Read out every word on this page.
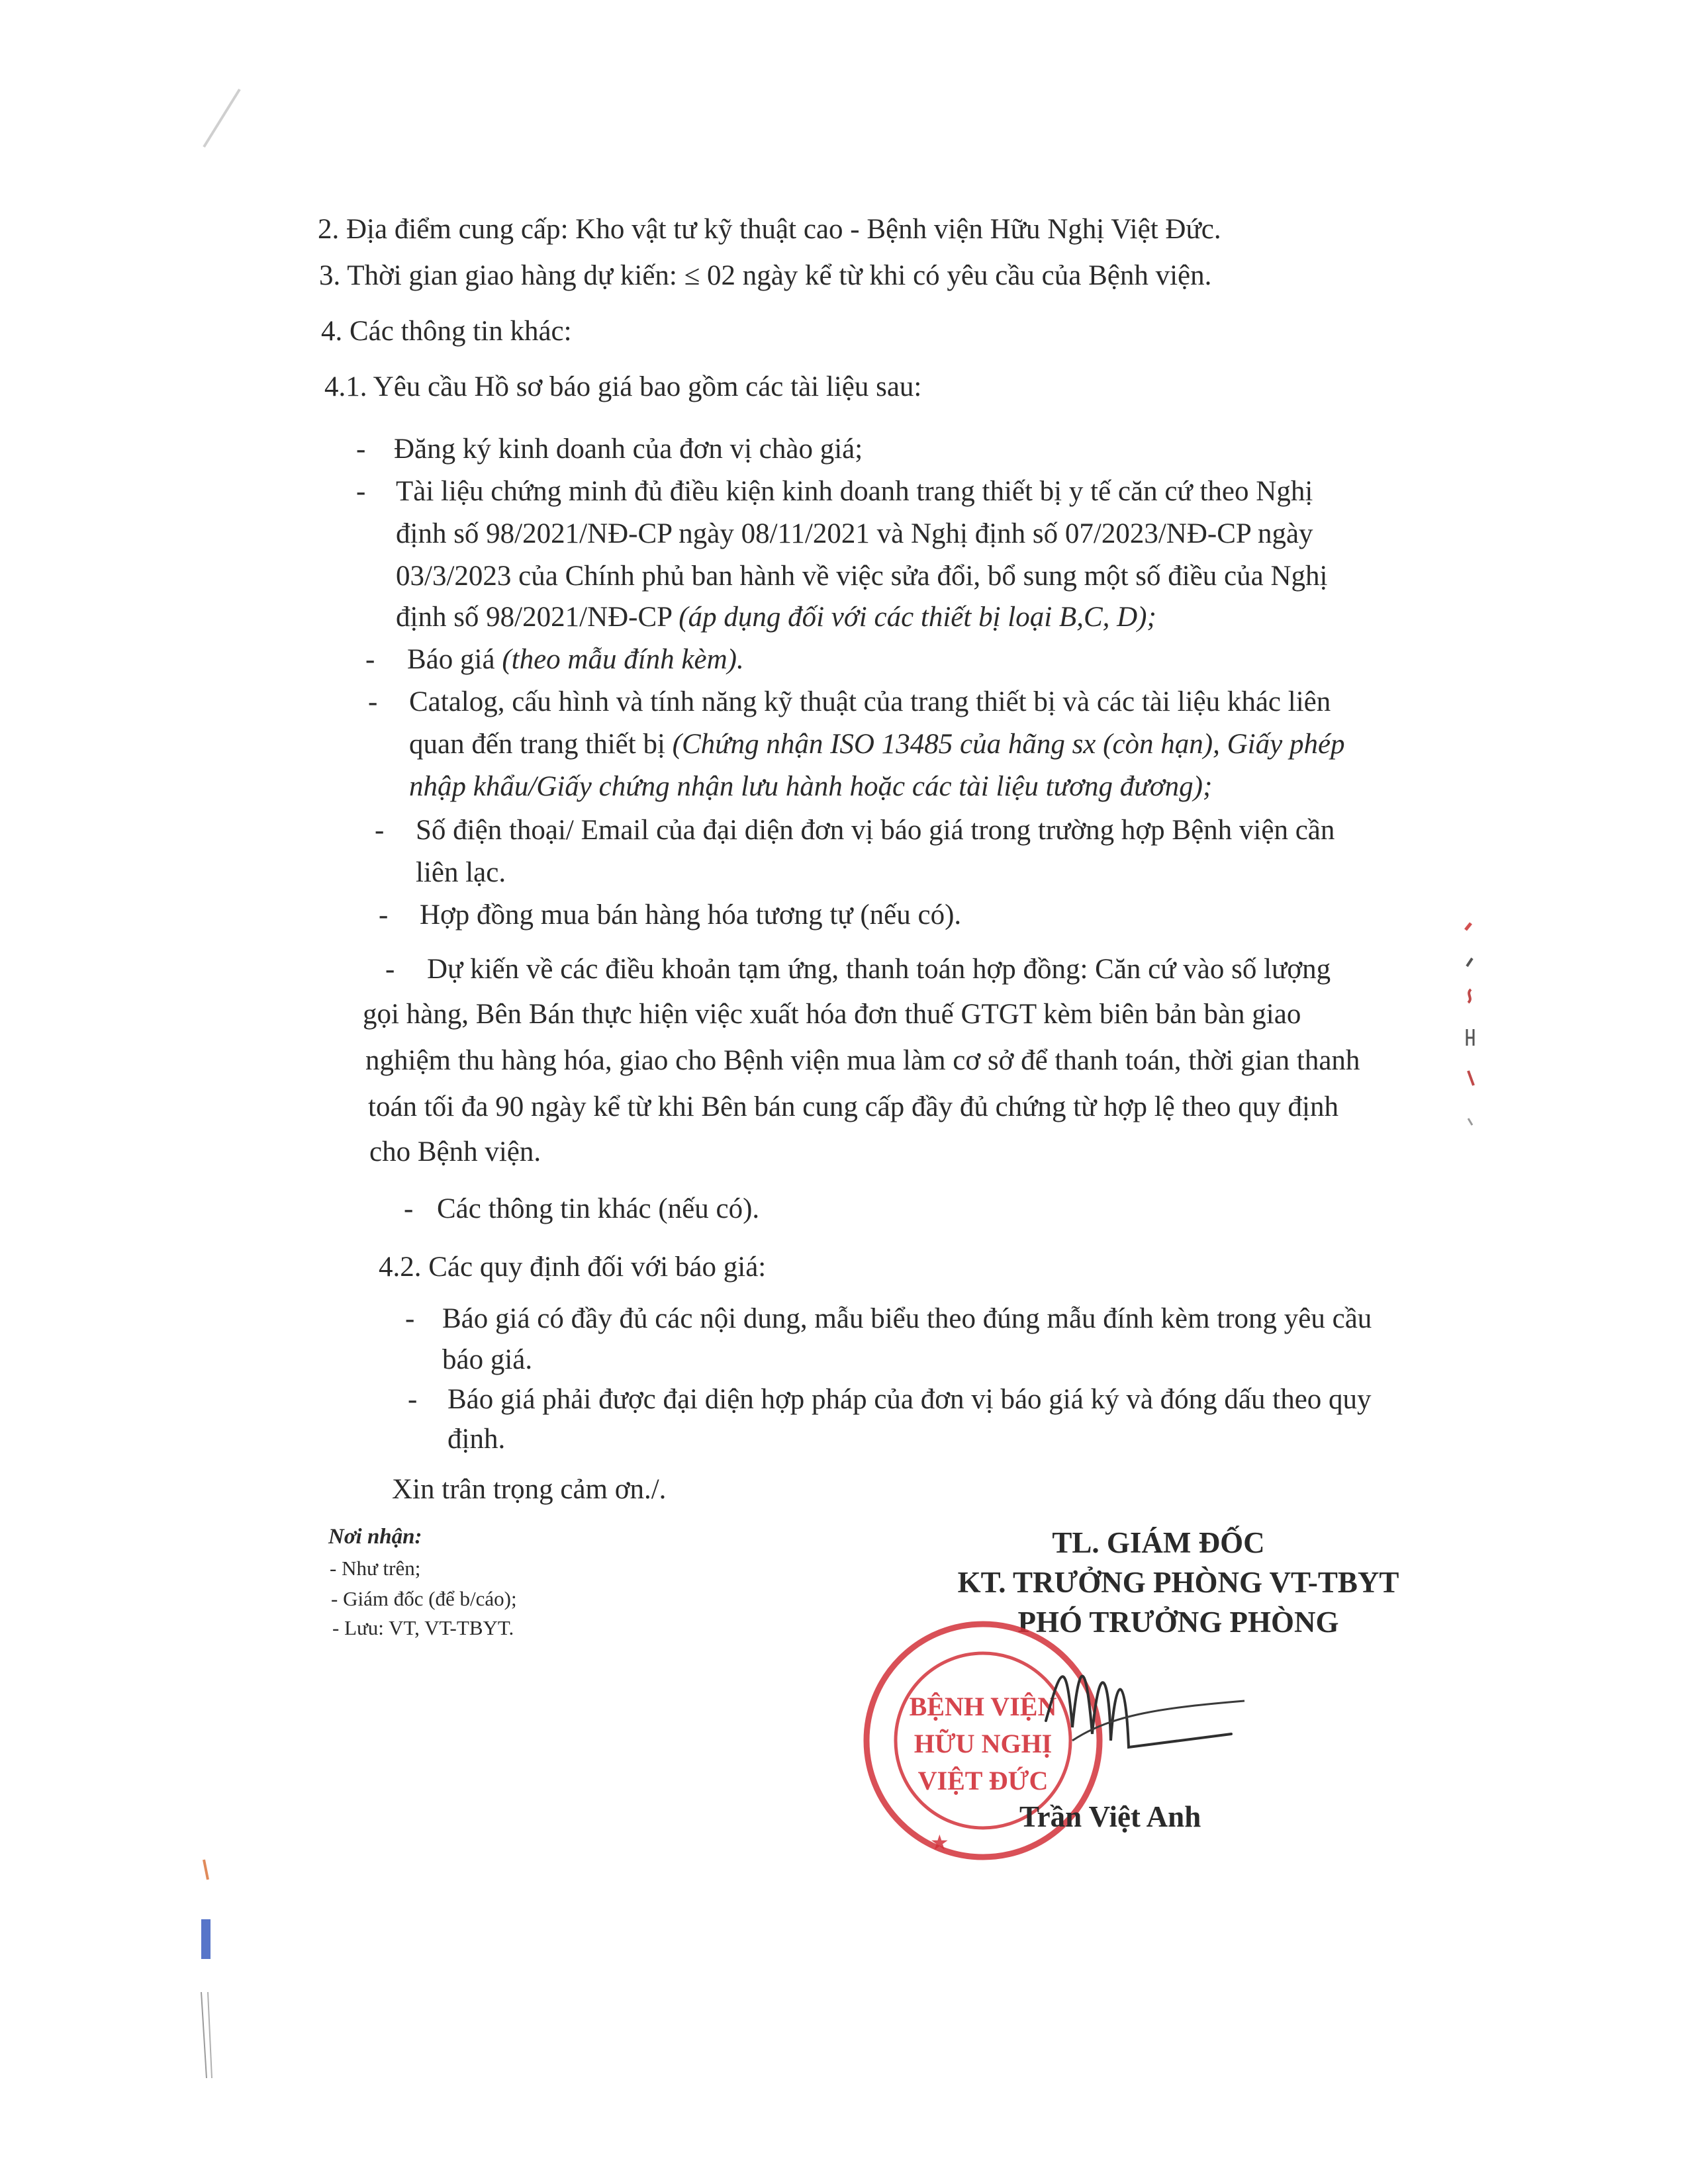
2. Địa điểm cung cấp: Kho vật tư kỹ thuật cao - Bệnh viện Hữu Nghị Việt Đức.
3. Thời gian giao hàng dự kiến: ≤ 02 ngày kể từ khi có yêu cầu của Bệnh viện.
4. Các thông tin khác:
4.1. Yêu cầu Hồ sơ báo giá bao gồm các tài liệu sau:
- Đăng ký kinh doanh của đơn vị chào giá;
- Tài liệu chứng minh đủ điều kiện kinh doanh trang thiết bị y tế căn cứ theo Nghị
định số 98/2021/NĐ-CP ngày 08/11/2021 và Nghị định số 07/2023/NĐ-CP ngày
03/3/2023 của Chính phủ ban hành về việc sửa đổi, bổ sung một số điều của Nghị
định số 98/2021/NĐ-CP (áp dụng đối với các thiết bị loại B,C, D);
- Báo giá (theo mẫu đính kèm).
- Catalog, cấu hình và tính năng kỹ thuật của trang thiết bị và các tài liệu khác liên
quan đến trang thiết bị (Chứng nhận ISO 13485 của hãng sx (còn hạn), Giấy phép
nhập khẩu/Giấy chứng nhận lưu hành hoặc các tài liệu tương đương);
- Số điện thoại/ Email của đại diện đơn vị báo giá trong trường hợp Bệnh viện cần
liên lạc.
- Hợp đồng mua bán hàng hóa tương tự (nếu có).
- Dự kiến về các điều khoản tạm ứng, thanh toán hợp đồng: Căn cứ vào số lượng
gọi hàng, Bên Bán thực hiện việc xuất hóa đơn thuế GTGT kèm biên bản bàn giao
nghiệm thu hàng hóa, giao cho Bệnh viện mua làm cơ sở để thanh toán, thời gian thanh
toán tối đa 90 ngày kể từ khi Bên bán cung cấp đầy đủ chứng từ hợp lệ theo quy định
cho Bệnh viện.
- Các thông tin khác (nếu có).
4.2. Các quy định đối với báo giá:
- Báo giá có đầy đủ các nội dung, mẫu biểu theo đúng mẫu đính kèm trong yêu cầu
báo giá.
- Báo giá phải được đại diện hợp pháp của đơn vị báo giá ký và đóng dấu theo quy
định.
Xin trân trọng cảm ơn./.
Nơi nhận:
- Như trên;
- Giám đốc (để b/cáo);
- Lưu: VT, VT-TBYT.
TL. GIÁM ĐỐC
KT. TRƯỞNG PHÒNG VT-TBYT
PHÓ TRƯỞNG PHÒNG
BỆNH VIỆN
HỮU NGHỊ
VIỆT ĐỨC
★
Trần Việt Anh
